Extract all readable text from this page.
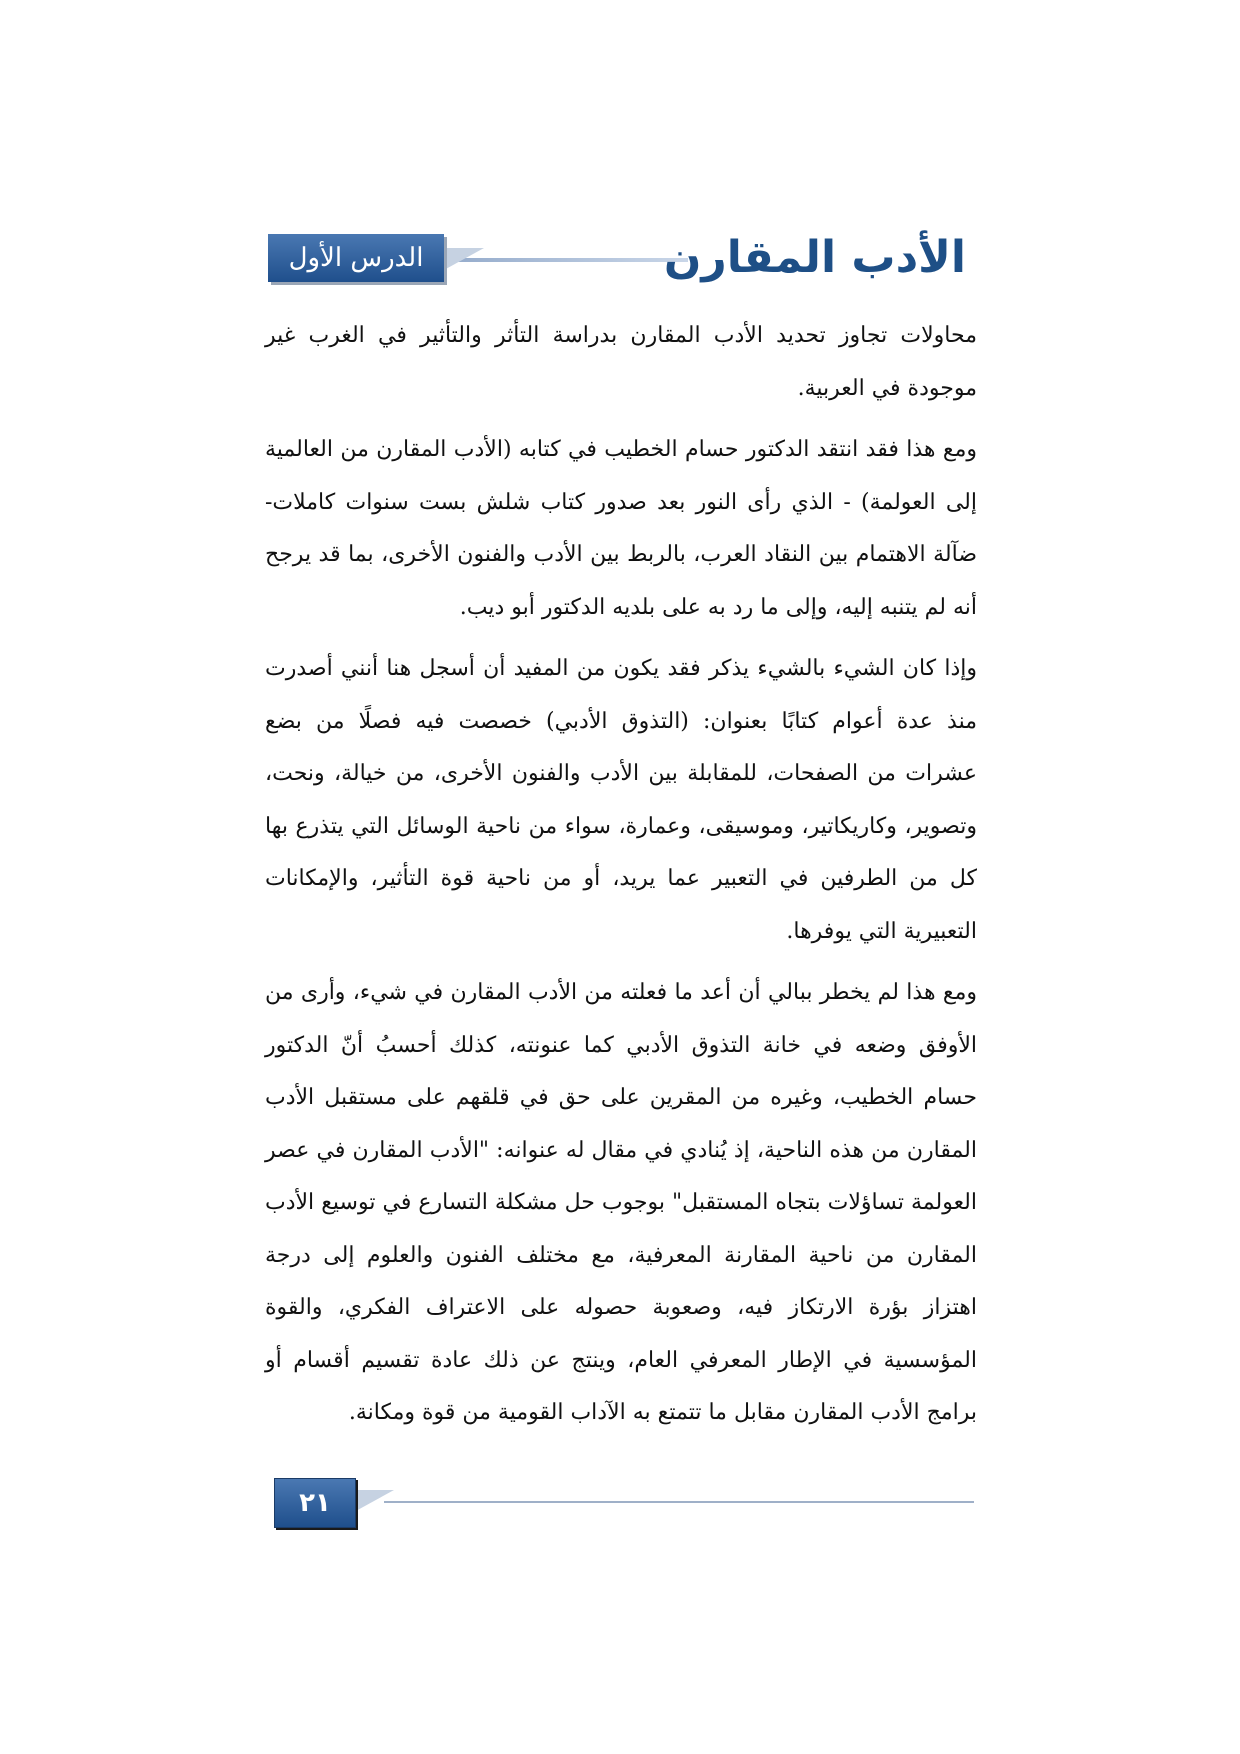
الدرس الأول	الأدب المقارن

محاولات تجاوز تحديد الأدب المقارن بدراسة التأثر والتأثير في الغرب غير موجودة في العربية.

ومع هذا فقد انتقد الدكتور حسام الخطيب في كتابه (الأدب المقارن من العالمية إلى العولمة) - الذي رأى النور بعد صدور كتاب شلش بست سنوات كاملات- ضآلة الاهتمام بين النقاد العرب، بالربط بين الأدب والفنون الأخرى، بما قد يرجح أنه لم يتنبه إليه، وإلى ما رد به على بلديه الدكتور أبو ديب.

وإذا كان الشيء بالشيء يذكر فقد يكون من المفيد أن أسجل هنا أنني أصدرت منذ عدة أعوام كتابًا بعنوان: (التذوق الأدبي) خصصت فيه فصلًا من بضع عشرات من الصفحات، للمقابلة بين الأدب والفنون الأخرى، من خيالة، ونحت، وتصوير، وكاريكاتير، وموسيقى، وعمارة، سواء من ناحية الوسائل التي يتذرع بها كل من الطرفين في التعبير عما يريد، أو من ناحية قوة التأثير، والإمكانات التعبيرية التي يوفرها.

ومع هذا لم يخطر ببالي أن أعد ما فعلته من الأدب المقارن في شيء، وأرى من الأوفق وضعه في خانة التذوق الأدبي كما عنونته، كذلك أحسبُ أنّ الدكتور حسام الخطيب، وغيره من المقرين على حق في قلقهم على مستقبل الأدب المقارن من هذه الناحية، إذ يُنادي في مقال له عنوانه: "الأدب المقارن في عصر العولمة تساؤلات بتجاه المستقبل" بوجوب حل مشكلة التسارع في توسيع الأدب المقارن من ناحية المقارنة المعرفية، مع مختلف الفنون والعلوم إلى درجة اهتزاز بؤرة الارتكاز فيه، وصعوبة حصوله على الاعتراف الفكري، والقوة المؤسسية في الإطار المعرفي العام، وينتج عن ذلك عادة تقسيم أقسام أو برامج الأدب المقارن مقابل ما تتمتع به الآداب القومية من قوة ومكانة.

٢١
